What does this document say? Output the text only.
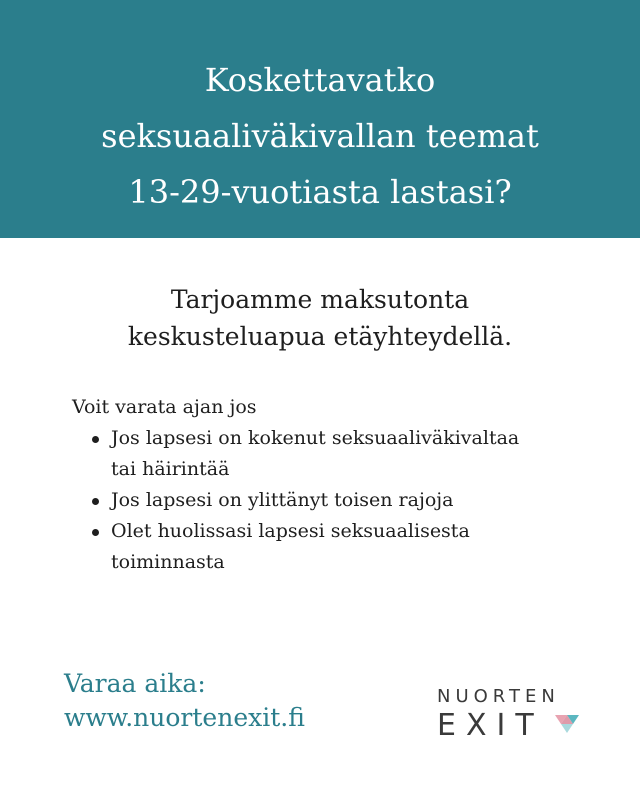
Koskettavatko
seksuaaliväkivallan teemat
13-29-vuotiasta lastasi?
Tarjoamme maksutonta
keskusteluapua etäyhteydellä.

Voit varata ajan jos

Jos lapsesi on kokenut seksuaaliväkivaltaa
tai häirintää
Jos lapsesi on ylittänyt toisen rajoja
Olet huolissasi lapsesi seksuaalisesta
toiminnasta
Varaa aika:
www.nuortenexit.fi
NUORTEN
EXIT
